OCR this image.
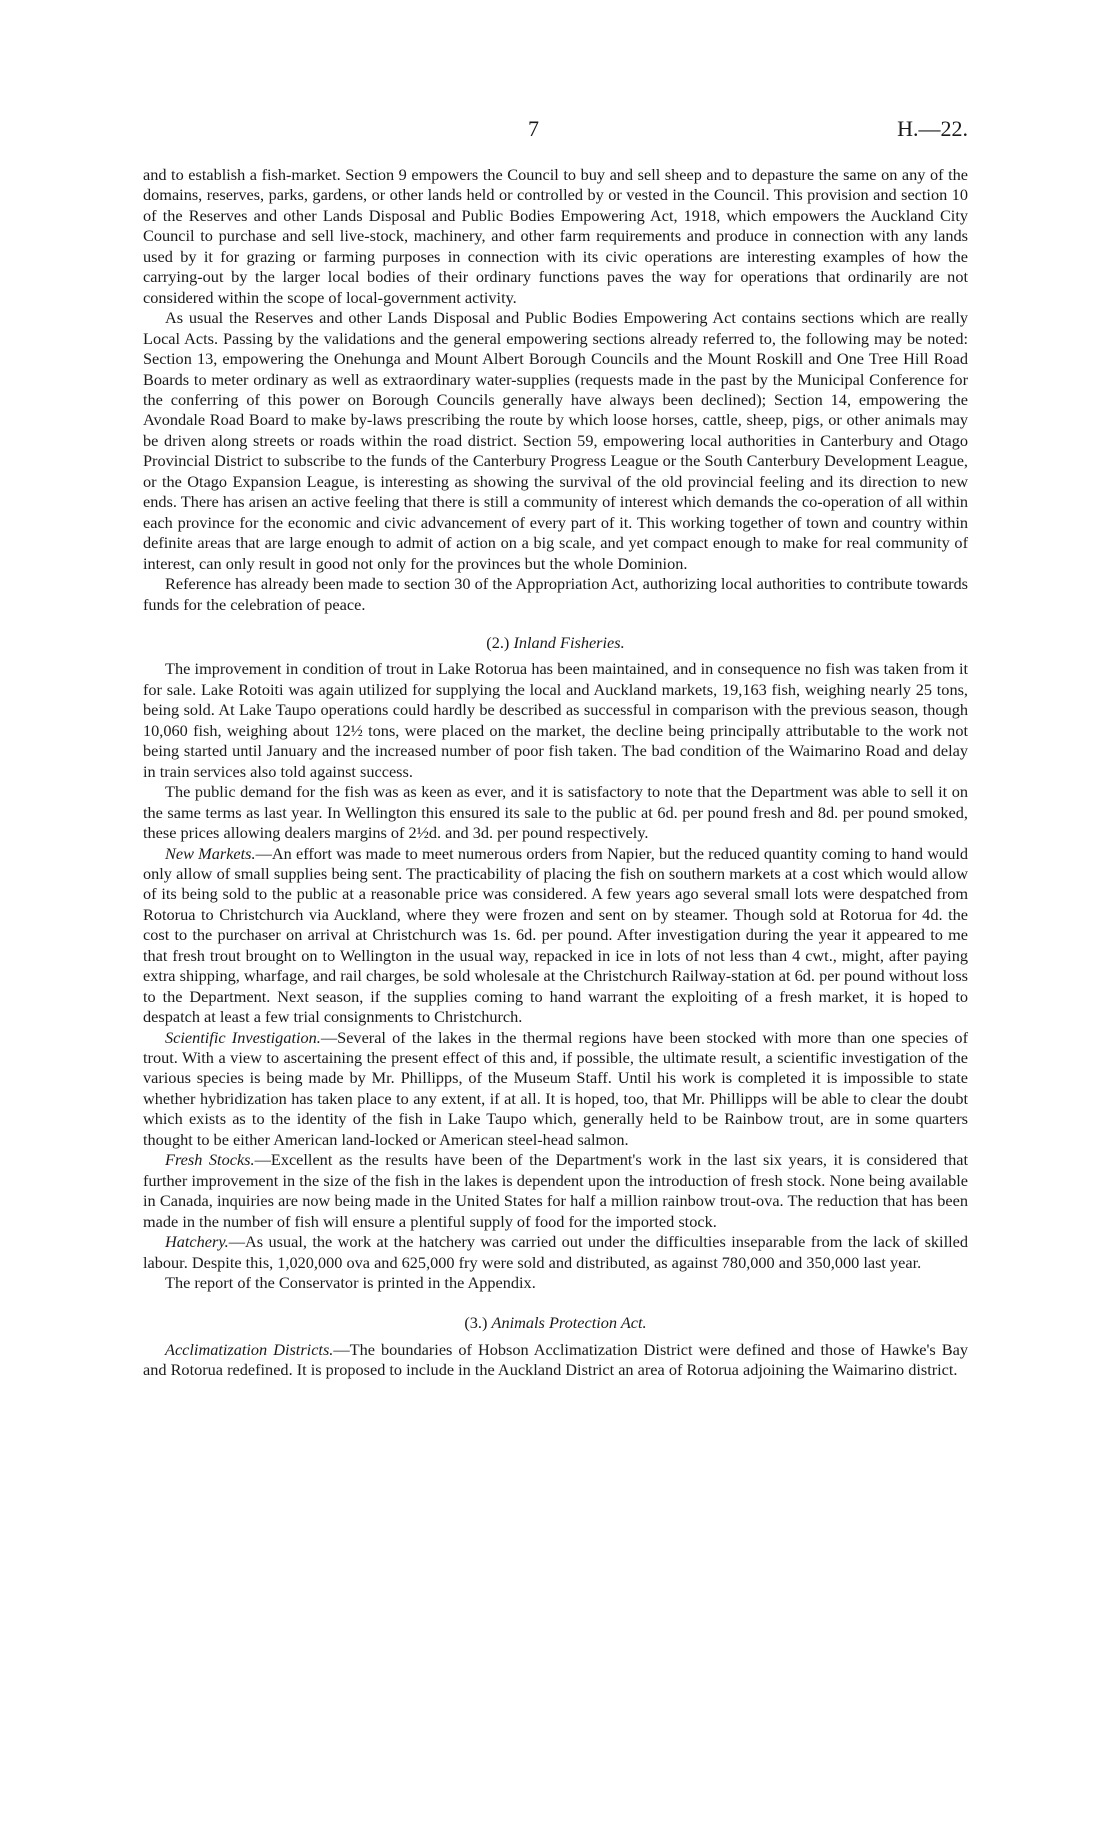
7	H.—22.

and to establish a fish-market. Section 9 empowers the Council to buy and sell sheep and to depasture the same on any of the domains, reserves, parks, gardens, or other lands held or controlled by or vested in the Council. This provision and section 10 of the Reserves and other Lands Disposal and Public Bodies Empowering Act, 1918, which empowers the Auckland City Council to purchase and sell live-stock, machinery, and other farm requirements and produce in connection with any lands used by it for grazing or farming purposes in connection with its civic operations are interesting examples of how the carrying-out by the larger local bodies of their ordinary functions paves the way for operations that ordinarily are not considered within the scope of local-government activity.

As usual the Reserves and other Lands Disposal and Public Bodies Empowering Act contains sections which are really Local Acts. Passing by the validations and the general empowering sections already referred to, the following may be noted: Section 13, empowering the Onehunga and Mount Albert Borough Councils and the Mount Roskill and One Tree Hill Road Boards to meter ordinary as well as extraordinary water-supplies (requests made in the past by the Municipal Conference for the conferring of this power on Borough Councils generally have always been declined); Section 14, empowering the Avondale Road Board to make by-laws prescribing the route by which loose horses, cattle, sheep, pigs, or other animals may be driven along streets or roads within the road district. Section 59, empowering local authorities in Canterbury and Otago Provincial District to subscribe to the funds of the Canterbury Progress League or the South Canterbury Development League, or the Otago Expansion League, is interesting as showing the survival of the old provincial feeling and its direction to new ends. There has arisen an active feeling that there is still a community of interest which demands the co-operation of all within each province for the economic and civic advancement of every part of it. This working together of town and country within definite areas that are large enough to admit of action on a big scale, and yet compact enough to make for real community of interest, can only result in good not only for the provinces but the whole Dominion.

Reference has already been made to section 30 of the Appropriation Act, authorizing local authorities to contribute towards funds for the celebration of peace.

(2.) Inland Fisheries.

The improvement in condition of trout in Lake Rotorua has been maintained, and in consequence no fish was taken from it for sale. Lake Rotoiti was again utilized for supplying the local and Auckland markets, 19,163 fish, weighing nearly 25 tons, being sold. At Lake Taupo operations could hardly be described as successful in comparison with the previous season, though 10,060 fish, weighing about 12½ tons, were placed on the market, the decline being principally attributable to the work not being started until January and the increased number of poor fish taken. The bad condition of the Waimarino Road and delay in train services also told against success.

The public demand for the fish was as keen as ever, and it is satisfactory to note that the Department was able to sell it on the same terms as last year. In Wellington this ensured its sale to the public at 6d. per pound fresh and 8d. per pound smoked, these prices allowing dealers margins of 2½d. and 3d. per pound respectively.

New Markets.—An effort was made to meet numerous orders from Napier, but the reduced quantity coming to hand would only allow of small supplies being sent. The practicability of placing the fish on southern markets at a cost which would allow of its being sold to the public at a reasonable price was considered. A few years ago several small lots were despatched from Rotorua to Christchurch via Auckland, where they were frozen and sent on by steamer. Though sold at Rotorua for 4d. the cost to the purchaser on arrival at Christchurch was 1s. 6d. per pound. After investigation during the year it appeared to me that fresh trout brought on to Wellington in the usual way, repacked in ice in lots of not less than 4 cwt., might, after paying extra shipping, wharfage, and rail charges, be sold wholesale at the Christchurch Railway-station at 6d. per pound without loss to the Department. Next season, if the supplies coming to hand warrant the exploiting of a fresh market, it is hoped to despatch at least a few trial consignments to Christchurch.

Scientific Investigation.—Several of the lakes in the thermal regions have been stocked with more than one species of trout. With a view to ascertaining the present effect of this and, if possible, the ultimate result, a scientific investigation of the various species is being made by Mr. Phillipps, of the Museum Staff. Until his work is completed it is impossible to state whether hybridization has taken place to any extent, if at all. It is hoped, too, that Mr. Phillipps will be able to clear the doubt which exists as to the identity of the fish in Lake Taupo which, generally held to be Rainbow trout, are in some quarters thought to be either American land-locked or American steel-head salmon.

Fresh Stocks.—Excellent as the results have been of the Department's work in the last six years, it is considered that further improvement in the size of the fish in the lakes is dependent upon the introduction of fresh stock. None being available in Canada, inquiries are now being made in the United States for half a million rainbow trout-ova. The reduction that has been made in the number of fish will ensure a plentiful supply of food for the imported stock.

Hatchery.—As usual, the work at the hatchery was carried out under the difficulties inseparable from the lack of skilled labour. Despite this, 1,020,000 ova and 625,000 fry were sold and distributed, as against 780,000 and 350,000 last year.

The report of the Conservator is printed in the Appendix.

(3.) Animals Protection Act.

Acclimatization Districts.—The boundaries of Hobson Acclimatization District were defined and those of Hawke's Bay and Rotorua redefined. It is proposed to include in the Auckland District an area of Rotorua adjoining the Waimarino district.
